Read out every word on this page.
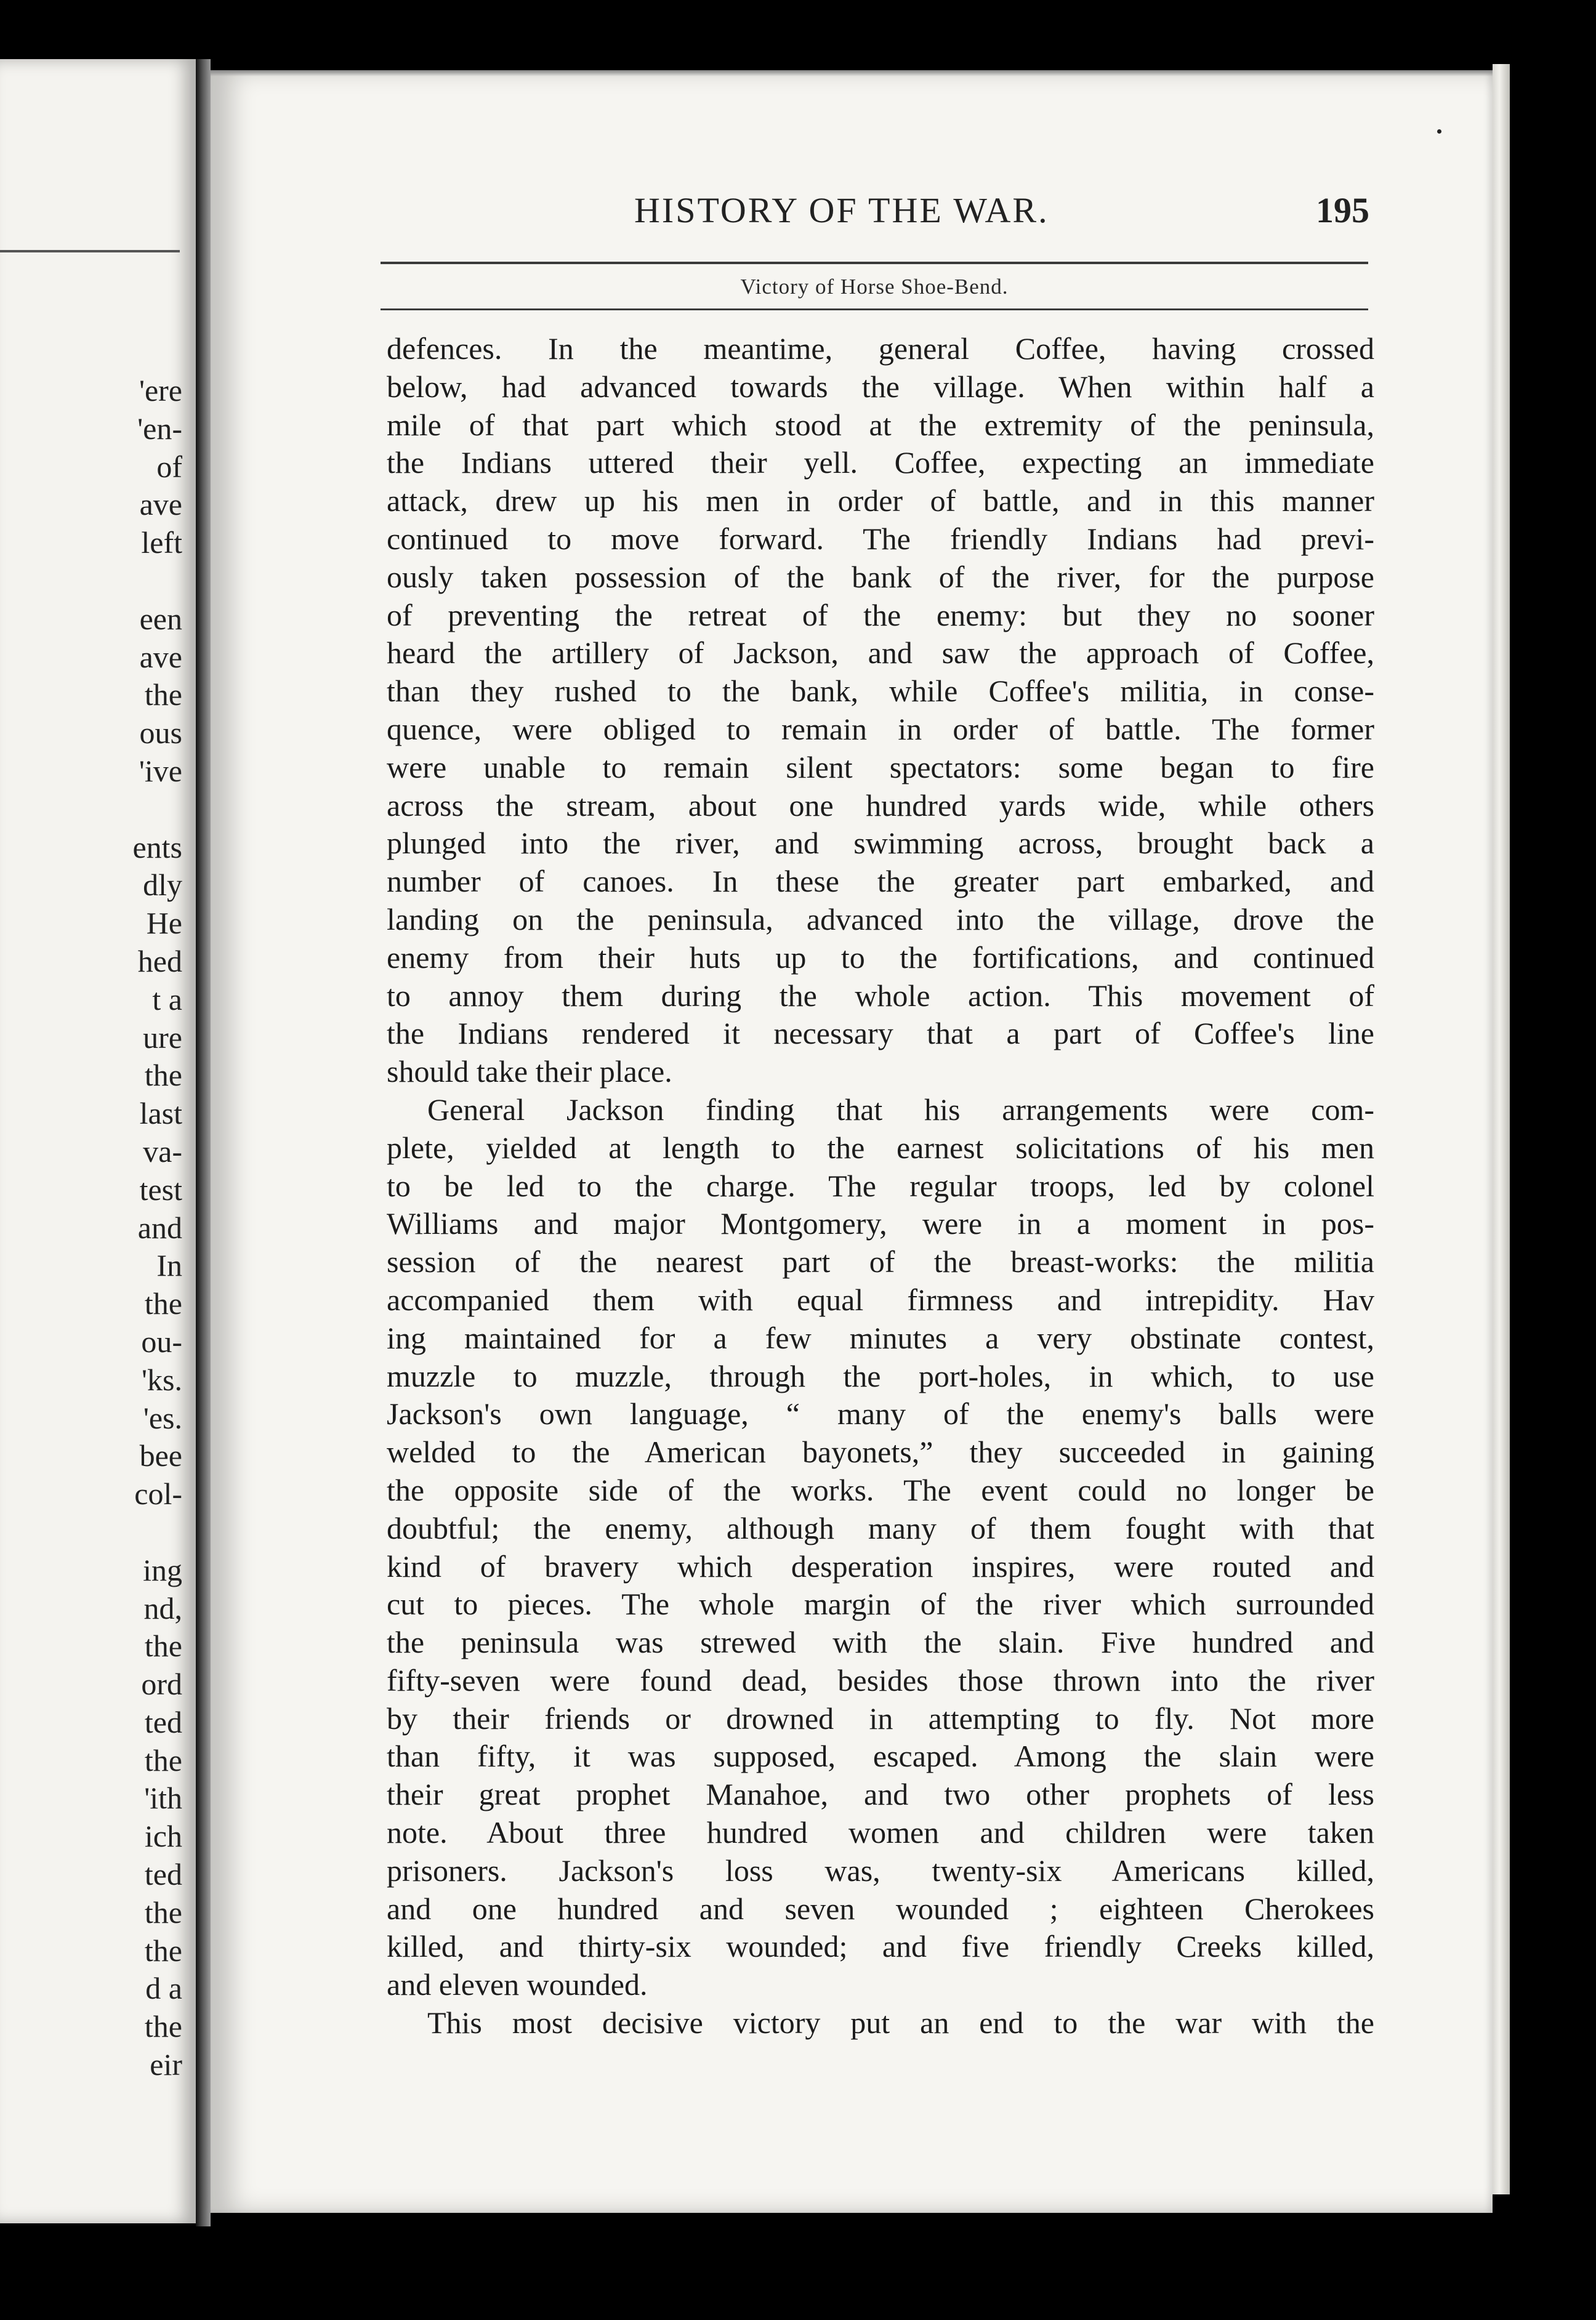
'ere
'en-
of
ave
left
een
ave
the
ous
'ive
ents
dly
He
hed
t a
ure
the
last
va-
test
and
In
the
ou-
'ks.
'es.
bee
col-
ing
nd,
the
ord
ted
the
'ith
ich
ted
the
the
d a
the
eir
HISTORY OF THE WAR.	195
Victory of Horse Shoe-Bend.
defences. In the meantime, general Coffee, having crossed
below, had advanced towards the village. When within half a
mile of that part which stood at the extremity of the peninsula,
the Indians uttered their yell. Coffee, expecting an immediate
attack, drew up his men in order of battle, and in this manner
continued to move forward. The friendly Indians had previ-
ously taken possession of the bank of the river, for the purpose
of preventing the retreat of the enemy: but they no sooner
heard the artillery of Jackson, and saw the approach of Coffee,
than they rushed to the bank, while Coffee's militia, in conse-
quence, were obliged to remain in order of battle. The former
were unable to remain silent spectators: some began to fire
across the stream, about one hundred yards wide, while others
plunged into the river, and swimming across, brought back a
number of canoes. In these the greater part embarked, and
landing on the peninsula, advanced into the village, drove the
enemy from their huts up to the fortifications, and continued
to annoy them during the whole action. This movement of
the Indians rendered it necessary that a part of Coffee's line
should take their place.
General Jackson finding that his arrangements were com-
plete, yielded at length to the earnest solicitations of his men
to be led to the charge. The regular troops, led by colonel
Williams and major Montgomery, were in a moment in pos-
session of the nearest part of the breast-works: the militia
accompanied them with equal firmness and intrepidity. Hav
ing maintained for a few minutes a very obstinate contest,
muzzle to muzzle, through the port-holes, in which, to use
Jackson's own language, “ many of the enemy's balls were
welded to the American bayonets,” they succeeded in gaining
the opposite side of the works. The event could no longer be
doubtful; the enemy, although many of them fought with that
kind of bravery which desperation inspires, were routed and
cut to pieces. The whole margin of the river which surrounded
the peninsula was strewed with the slain. Five hundred and
fifty-seven were found dead, besides those thrown into the river
by their friends or drowned in attempting to fly. Not more
than fifty, it was supposed, escaped. Among the slain were
their great prophet Manahoe, and two other prophets of less
note. About three hundred women and children were taken
prisoners. Jackson's loss was, twenty-six Americans killed,
and one hundred and seven wounded ; eighteen Cherokees
killed, and thirty-six wounded; and five friendly Creeks killed,
and eleven wounded.
This most decisive victory put an end to the war with the
